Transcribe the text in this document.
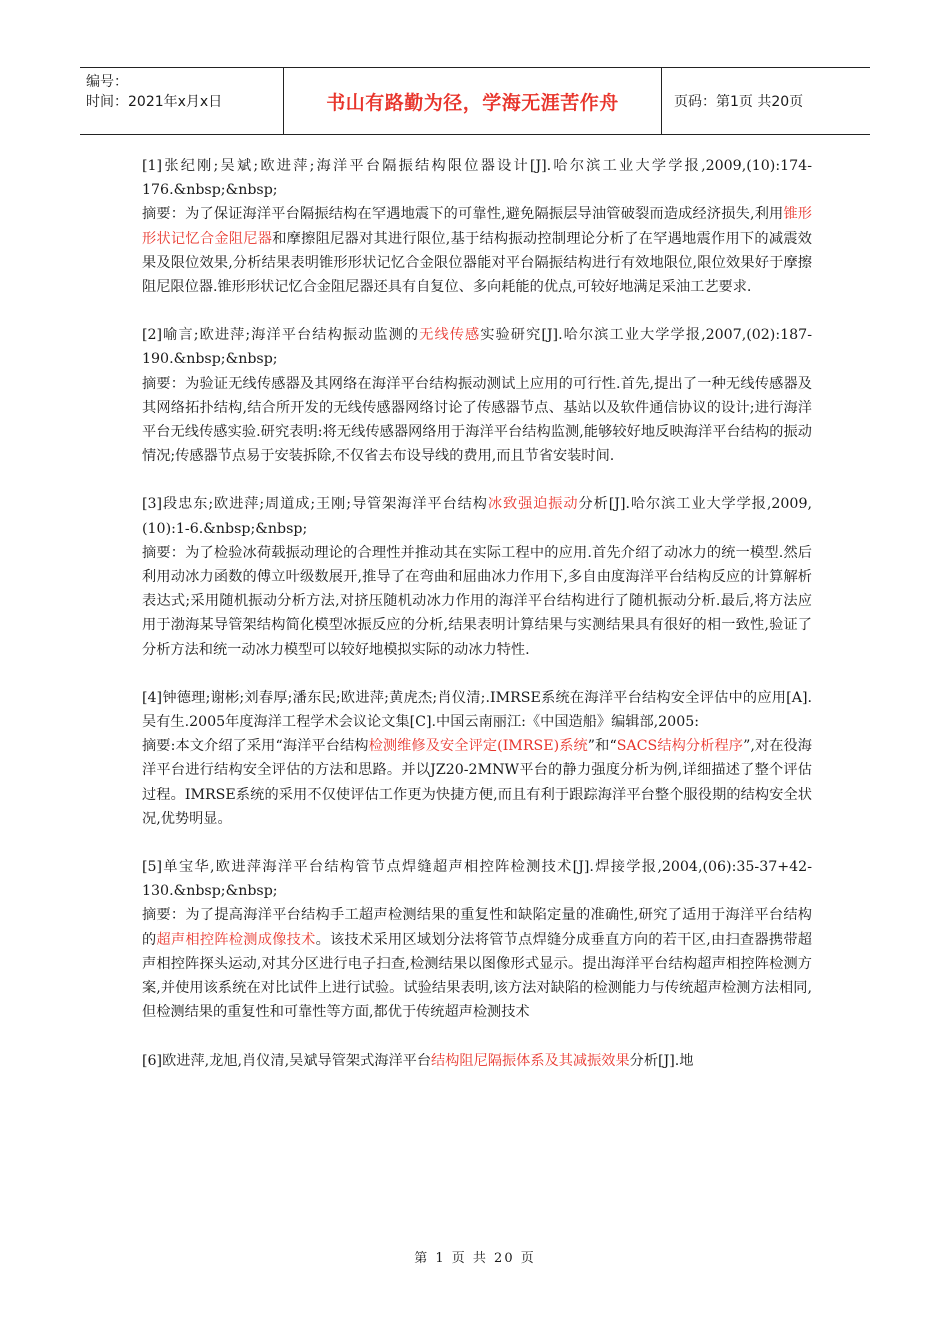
编号：
时间：2021年x月x日	书山有路勤为径，学海无涯苦作舟	页码：第1页 共20页

[1]张纪刚;吴斌;欧进萍;海洋平台隔振结构限位器设计[J].哈尔滨工业大学学报,2009,(10):174-176.&nbsp;&nbsp;

摘要：为了保证海洋平台隔振结构在罕遇地震下的可靠性,避免隔振层导油管破裂而造成经济损失,利用锥形形状记忆合金阻尼器和摩擦阻尼器对其进行限位,基于结构振动控制理论分析了在罕遇地震作用下的减震效果及限位效果,分析结果表明锥形形状记忆合金限位器能对平台隔振结构进行有效地限位,限位效果好于摩擦阻尼限位器.锥形形状记忆合金阻尼器还具有自复位、多向耗能的优点,可较好地满足采油工艺要求.

[2]喻言;欧进萍;海洋平台结构振动监测的无线传感实验研究[J].哈尔滨工业大学学报,2007,(02):187-190.&nbsp;&nbsp;

摘要：为验证无线传感器及其网络在海洋平台结构振动测试上应用的可行性.首先,提出了一种无线传感器及其网络拓扑结构,结合所开发的无线传感器网络讨论了传感器节点、基站以及软件通信协议的设计;进行海洋平台无线传感实验.研究表明:将无线传感器网络用于海洋平台结构监测,能够较好地反映海洋平台结构的振动情况;传感器节点易于安装拆除,不仅省去布设导线的费用,而且节省安装时间.

[3]段忠东;欧进萍;周道成;王刚;导管架海洋平台结构冰致强迫振动分析[J].哈尔滨工业大学学报,2009,(10):1-6.&nbsp;&nbsp;

摘要：为了检验冰荷载振动理论的合理性并推动其在实际工程中的应用.首先介绍了动冰力的统一模型.然后利用动冰力函数的傅立叶级数展开,推导了在弯曲和屈曲冰力作用下,多自由度海洋平台结构反应的计算解析表达式;采用随机振动分析方法,对挤压随机动冰力作用的海洋平台结构进行了随机振动分析.最后,将方法应用于渤海某导管架结构简化模型冰振反应的分析,结果表明计算结果与实测结果具有很好的相一致性,验证了分析方法和统一动冰力模型可以较好地模拟实际的动冰力特性.

[4]钟德理;谢彬;刘春厚;潘东民;欧进萍;黄虎杰;肖仪清;.IMRSE系统在海洋平台结构安全评估中的应用[A].吴有生.2005年度海洋工程学术会议论文集[C].中国云南丽江:《中国造船》编辑部,2005:

摘要:本文介绍了采用“海洋平台结构检测维修及安全评定(IMRSE)系统”和“SACS结构分析程序”,对在役海洋平台进行结构安全评估的方法和思路。并以JZ20-2MNW平台的静力强度分析为例,详细描述了整个评估过程。IMRSE系统的采用不仅使评估工作更为快捷方便,而且有利于跟踪海洋平台整个服役期的结构安全状况,优势明显。

[5]单宝华,欧进萍海洋平台结构管节点焊缝超声相控阵检测技术[J].焊接学报,2004,(06):35-37+42-130.&nbsp;&nbsp;

摘要：为了提高海洋平台结构手工超声检测结果的重复性和缺陷定量的准确性,研究了适用于海洋平台结构的超声相控阵检测成像技术。该技术采用区域划分法将管节点焊缝分成垂直方向的若干区,由扫查器携带超声相控阵探头运动,对其分区进行电子扫查,检测结果以图像形式显示。提出海洋平台结构超声相控阵检测方案,并使用该系统在对比试件上进行试验。试验结果表明,该方法对缺陷的检测能力与传统超声检测方法相同,但检测结果的重复性和可靠性等方面,都优于传统超声检测技术

[6]欧进萍,龙旭,肖仪清,吴斌导管架式海洋平台结构阻尼隔振体系及其减振效果分析[J].地

第 1 页 共 20 页
